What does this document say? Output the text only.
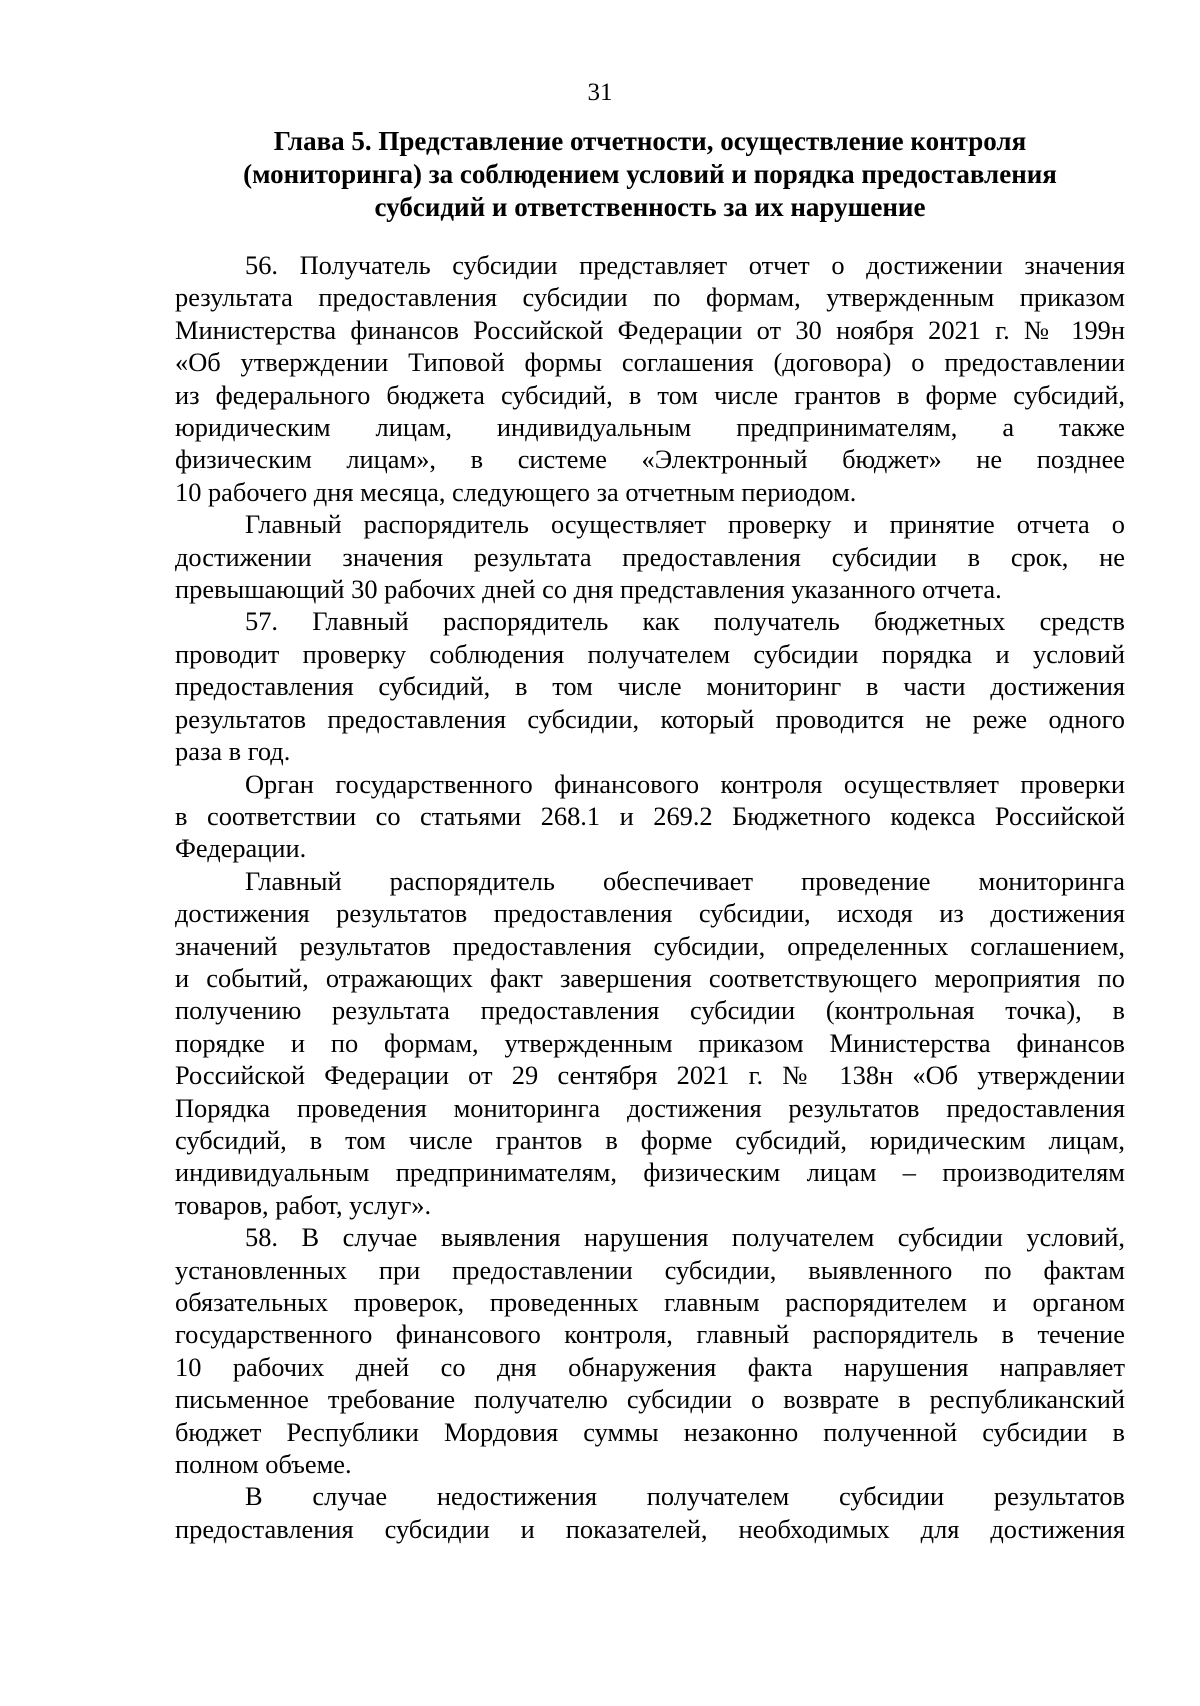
31
Глава 5. Представление отчетности, осуществление контроля
(мониторинга) за соблюдением условий и порядка предоставления
субсидий и ответственность за их нарушение

56. Получатель субсидии представляет отчет о достижении значения
результата предоставления субсидии по формам, утвержденным приказом
Министерства финансов Российской Федерации от 30 ноября 2021 г. № 199н
«Об утверждении Типовой формы соглашения (договора) о предоставлении
из федерального бюджета субсидий, в том числе грантов в форме субсидий,
юридическим лицам, индивидуальным предпринимателям, а также
физическим лицам», в системе «Электронный бюджет» не позднее
10 рабочего дня месяца, следующего за отчетным периодом.

Главный распорядитель осуществляет проверку и принятие отчета о
достижении значения результата предоставления субсидии в срок, не
превышающий 30 рабочих дней со дня представления указанного отчета.

57. Главный распорядитель как получатель бюджетных средств
проводит проверку соблюдения получателем субсидии порядка и условий
предоставления субсидий, в том числе мониторинг в части достижения
результатов предоставления субсидии, который проводится не реже одного
раза в год.

Орган государственного финансового контроля осуществляет проверки
в соответствии со статьями 268.1 и 269.2 Бюджетного кодекса Российской
Федерации.

Главный распорядитель обеспечивает проведение мониторинга
достижения результатов предоставления субсидии, исходя из достижения
значений результатов предоставления субсидии, определенных соглашением,
и событий, отражающих факт завершения соответствующего мероприятия по
получению результата предоставления субсидии (контрольная точка), в
порядке и по формам, утвержденным приказом Министерства финансов
Российской Федерации от 29 сентября 2021 г. № 138н «Об утверждении
Порядка проведения мониторинга достижения результатов предоставления
субсидий, в том числе грантов в форме субсидий, юридическим лицам,
индивидуальным предпринимателям, физическим лицам – производителям
товаров, работ, услуг».

58. В случае выявления нарушения получателем субсидии условий,
установленных при предоставлении субсидии, выявленного по фактам
обязательных проверок, проведенных главным распорядителем и органом
государственного финансового контроля, главный распорядитель в течение
10 рабочих дней со дня обнаружения факта нарушения направляет
письменное требование получателю субсидии о возврате в республиканский
бюджет Республики Мордовия суммы незаконно полученной субсидии в
полном объеме.

В случае недостижения получателем субсидии результатов
предоставления субсидии и показателей, необходимых для достижения
